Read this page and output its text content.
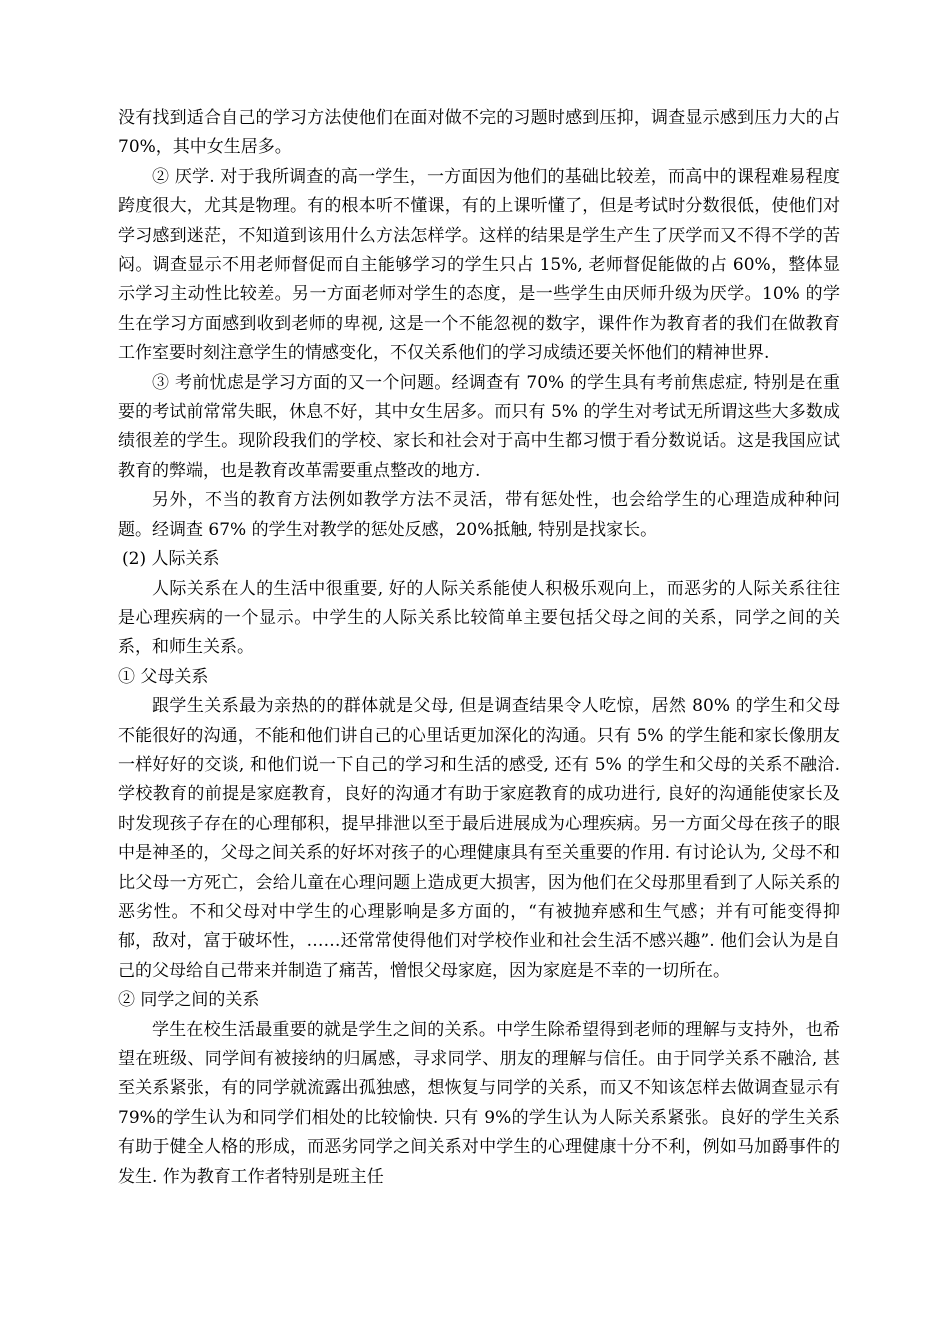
没有找到适合自己的学习方法使他们在面对做不完的习题时感到压抑，调查显示感到压力大的占 70%，其中女生居多。

② 厌学. 对于我所调查的高一学生，一方面因为他们的基础比较差，而高中的课程难易程度跨度很大，尤其是物理。有的根本听不懂课，有的上课听懂了，但是考试时分数很低，使他们对学习感到迷茫，不知道到该用什么方法怎样学。这样的结果是学生产生了厌学而又不得不学的苦闷。调查显示不用老师督促而自主能够学习的学生只占 15%, 老师督促能做的占 60%，整体显示学习主动性比较差。另一方面老师对学生的态度，是一些学生由厌师升级为厌学。10% 的学生在学习方面感到收到老师的卑视, 这是一个不能忽视的数字，课件作为教育者的我们在做教育工作室要时刻注意学生的情感变化，不仅关系他们的学习成绩还要关怀他们的精神世界.

③ 考前忧虑是学习方面的又一个问题。经调查有 70% 的学生具有考前焦虑症, 特别是在重要的考试前常常失眠，休息不好，其中女生居多。而只有 5% 的学生对考试无所谓这些大多数成绩很差的学生。现阶段我们的学校、家长和社会对于高中生都习惯于看分数说话。这是我国应试教育的弊端，也是教育改革需要重点整改的地方.

另外，不当的教育方法例如教学方法不灵活，带有惩处性，也会给学生的心理造成种种问题。经调查 67% 的学生对教学的惩处反感，20%抵触, 特别是找家长。

(2) 人际关系

人际关系在人的生活中很重要, 好的人际关系能使人积极乐观向上，而恶劣的人际关系往往是心理疾病的一个显示。中学生的人际关系比较简单主要包括父母之间的关系，同学之间的关系，和师生关系。

① 父母关系

跟学生关系最为亲热的的群体就是父母, 但是调查结果令人吃惊，居然 80% 的学生和父母不能很好的沟通，不能和他们讲自己的心里话更加深化的沟通。只有 5% 的学生能和家长像朋友一样好好的交谈, 和他们说一下自己的学习和生活的感受, 还有 5% 的学生和父母的关系不融洽. 学校教育的前提是家庭教育，良好的沟通才有助于家庭教育的成功进行, 良好的沟通能使家长及时发现孩子存在的心理郁积，提早排泄以至于最后进展成为心理疾病。另一方面父母在孩子的眼中是神圣的，父母之间关系的好坏对孩子的心理健康具有至关重要的作用. 有讨论认为, 父母不和比父母一方死亡，会给儿童在心理问题上造成更大损害，因为他们在父母那里看到了人际关系的恶劣性。不和父母对中学生的心理影响是多方面的，“有被抛弃感和生气感；并有可能变得抑郁，敌对，富于破坏性，……还常常使得他们对学校作业和社会生活不感兴趣”. 他们会认为是自己的父母给自己带来并制造了痛苦，憎恨父母家庭，因为家庭是不幸的一切所在。

② 同学之间的关系

学生在校生活最重要的就是学生之间的关系。中学生除希望得到老师的理解与支持外，也希望在班级、同学间有被接纳的归属感，寻求同学、朋友的理解与信任。由于同学关系不融洽, 甚至关系紧张，有的同学就流露出孤独感，想恢复与同学的关系，而又不知该怎样去做调查显示有 79%的学生认为和同学们相处的比较愉快. 只有 9%的学生认为人际关系紧张。良好的学生关系有助于健全人格的形成，而恶劣同学之间关系对中学生的心理健康十分不利，例如马加爵事件的发生. 作为教育工作者特别是班主任
